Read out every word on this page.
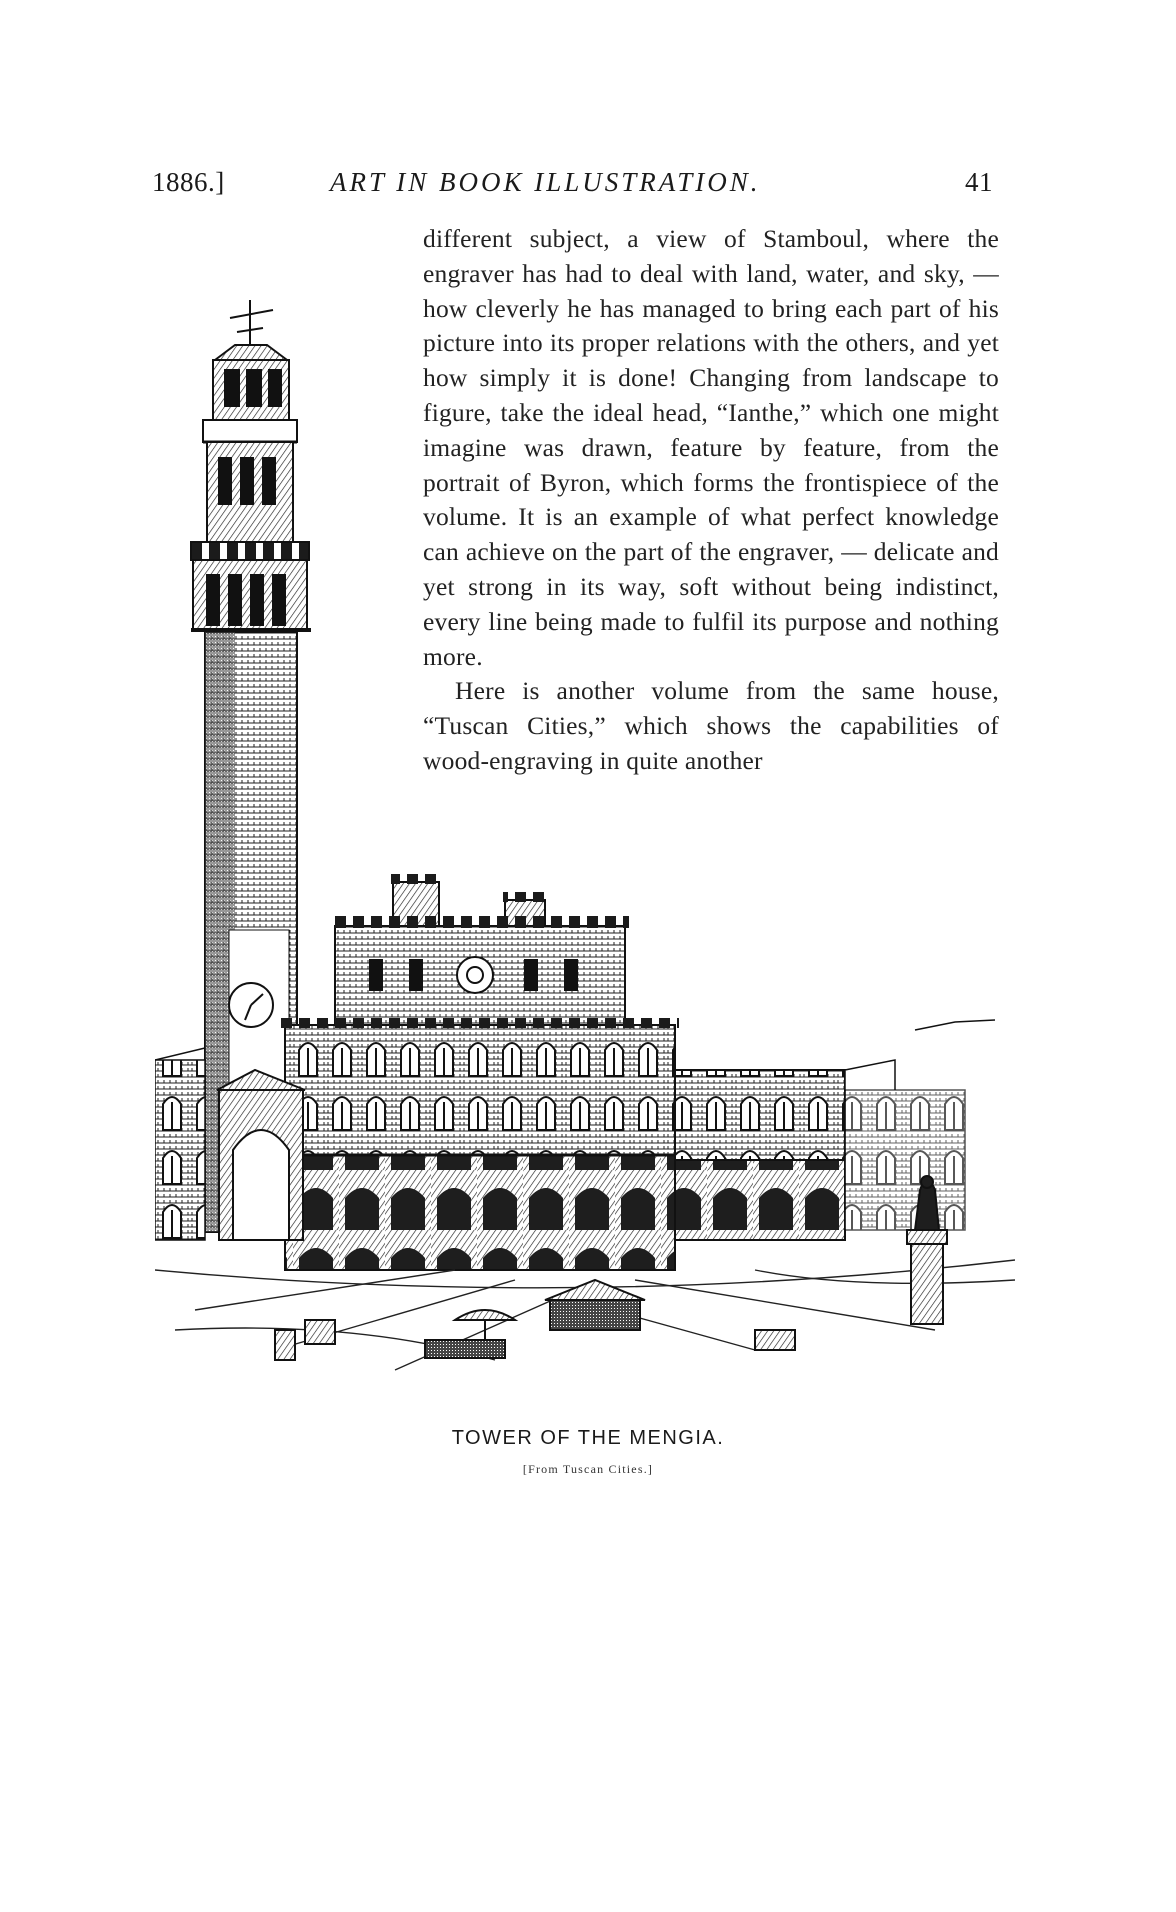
1886.]	ART IN BOOK ILLUSTRATION.	41

different subject, a view of Stamboul, where the engraver has had to deal with land, water, and sky, — how cleverly he has managed to bring each part of his picture into its proper relations with the others, and yet how simply it is done! Changing from landscape to figure, take the ideal head, “Ianthe,” which one might imagine was drawn, feature by feature, from the portrait of Byron, which forms the frontispiece of the volume. It is an example of what perfect knowledge can achieve on the part of the engraver, — delicate and yet strong in its way, soft without being indistinct, every line being made to fulfil its purpose and nothing more.

Here is another volume from the same house, “Tuscan Cities,” which shows the capabilities of wood-engraving in quite another

TOWER OF THE MENGIA.
[From Tuscan Cities.]
